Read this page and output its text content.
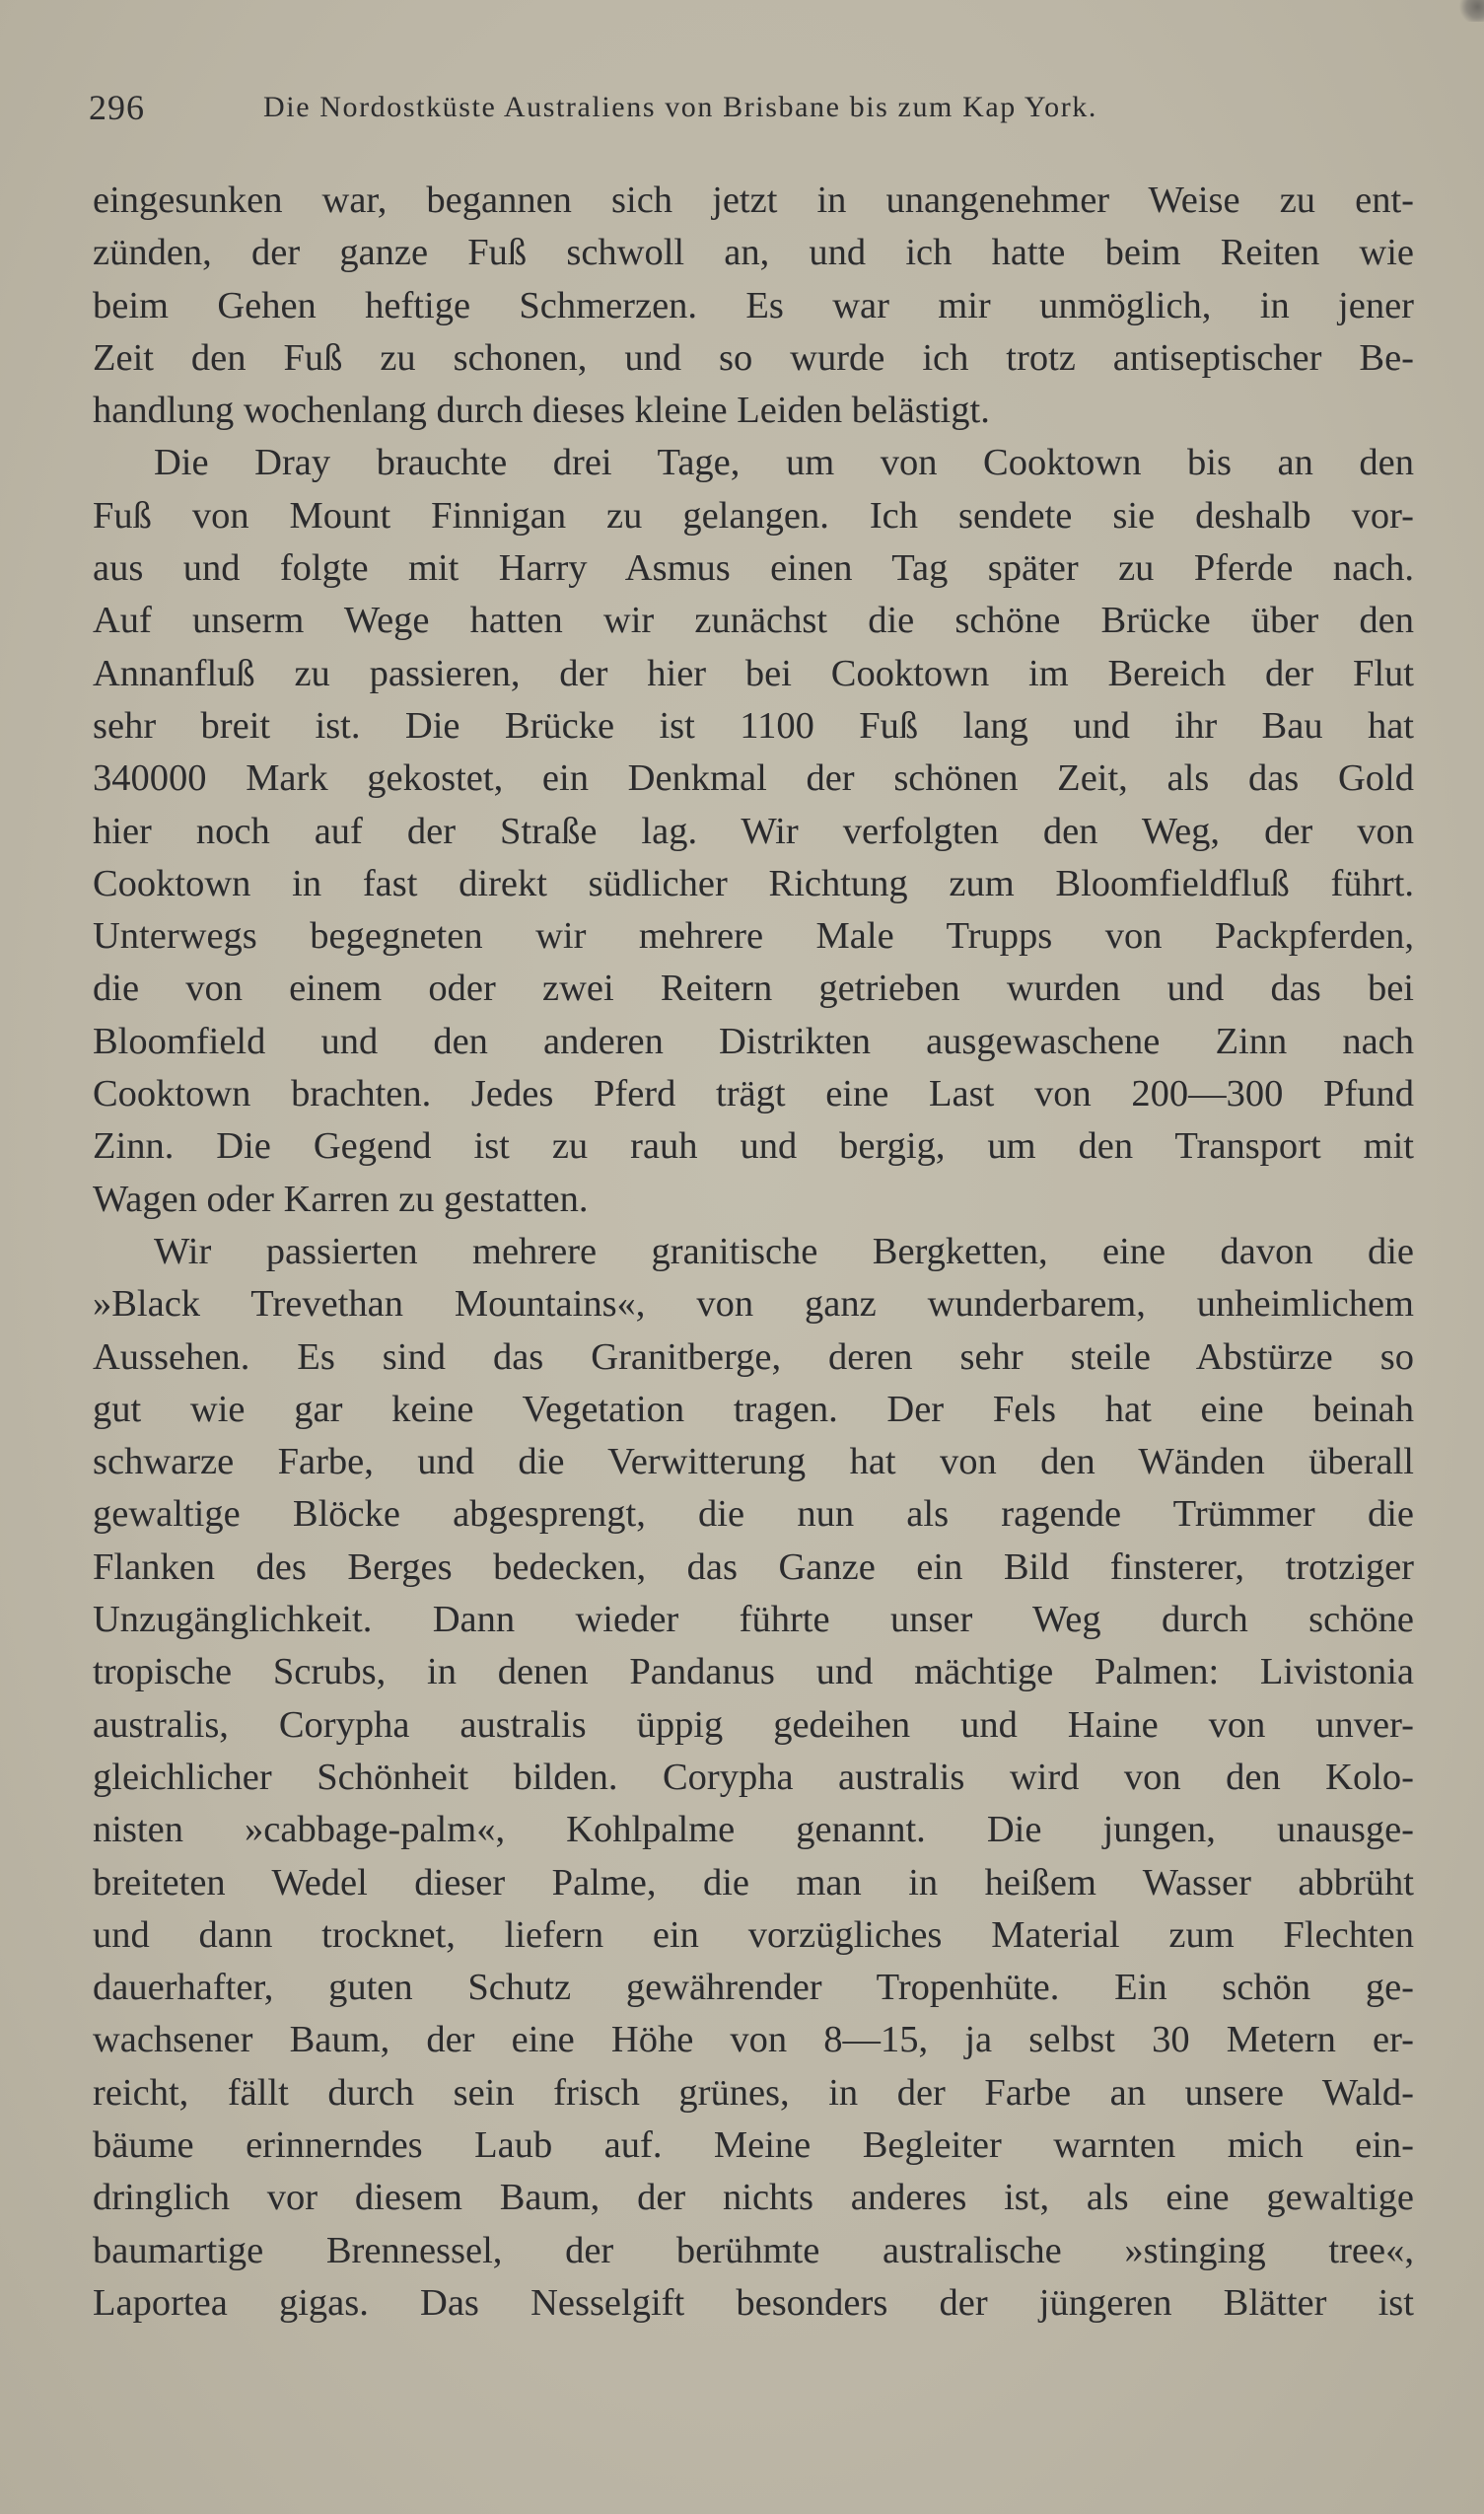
296	Die Nordostküste Australiens von Brisbane bis zum Kap York.
eingesunken war, begannen sich jetzt in unangenehmer Weise zu ent-
zünden, der ganze Fuß schwoll an, und ich hatte beim Reiten wie
beim Gehen heftige Schmerzen. Es war mir unmöglich, in jener
Zeit den Fuß zu schonen, und so wurde ich trotz antiseptischer Be-
handlung wochenlang durch dieses kleine Leiden belästigt.
Die Dray brauchte drei Tage, um von Cooktown bis an den
Fuß von Mount Finnigan zu gelangen. Ich sendete sie deshalb vor-
aus und folgte mit Harry Asmus einen Tag später zu Pferde nach.
Auf unserm Wege hatten wir zunächst die schöne Brücke über den
Annanfluß zu passieren, der hier bei Cooktown im Bereich der Flut
sehr breit ist. Die Brücke ist 1100 Fuß lang und ihr Bau hat
340000 Mark gekostet, ein Denkmal der schönen Zeit, als das Gold
hier noch auf der Straße lag. Wir verfolgten den Weg, der von
Cooktown in fast direkt südlicher Richtung zum Bloomfieldfluß führt.
Unterwegs begegneten wir mehrere Male Trupps von Packpferden,
die von einem oder zwei Reitern getrieben wurden und das bei
Bloomfield und den anderen Distrikten ausgewaschene Zinn nach
Cooktown brachten. Jedes Pferd trägt eine Last von 200—300 Pfund
Zinn. Die Gegend ist zu rauh und bergig, um den Transport mit
Wagen oder Karren zu gestatten.
Wir passierten mehrere granitische Bergketten, eine davon die
»Black Trevethan Mountains«, von ganz wunderbarem, unheimlichem
Aussehen. Es sind das Granitberge, deren sehr steile Abstürze so
gut wie gar keine Vegetation tragen. Der Fels hat eine beinah
schwarze Farbe, und die Verwitterung hat von den Wänden überall
gewaltige Blöcke abgesprengt, die nun als ragende Trümmer die
Flanken des Berges bedecken, das Ganze ein Bild finsterer, trotziger
Unzugänglichkeit. Dann wieder führte unser Weg durch schöne
tropische Scrubs, in denen Pandanus und mächtige Palmen: Livistonia
australis, Corypha australis üppig gedeihen und Haine von unver-
gleichlicher Schönheit bilden. Corypha australis wird von den Kolo-
nisten »cabbage-palm«, Kohlpalme genannt. Die jungen, unausge-
breiteten Wedel dieser Palme, die man in heißem Wasser abbrüht
und dann trocknet, liefern ein vorzügliches Material zum Flechten
dauerhafter, guten Schutz gewährender Tropenhüte. Ein schön ge-
wachsener Baum, der eine Höhe von 8—15, ja selbst 30 Metern er-
reicht, fällt durch sein frisch grünes, in der Farbe an unsere Wald-
bäume erinnerndes Laub auf. Meine Begleiter warnten mich ein-
dringlich vor diesem Baum, der nichts anderes ist, als eine gewaltige
baumartige Brennessel, der berühmte australische »stinging tree«,
Laportea gigas. Das Nesselgift besonders der jüngeren Blätter ist
